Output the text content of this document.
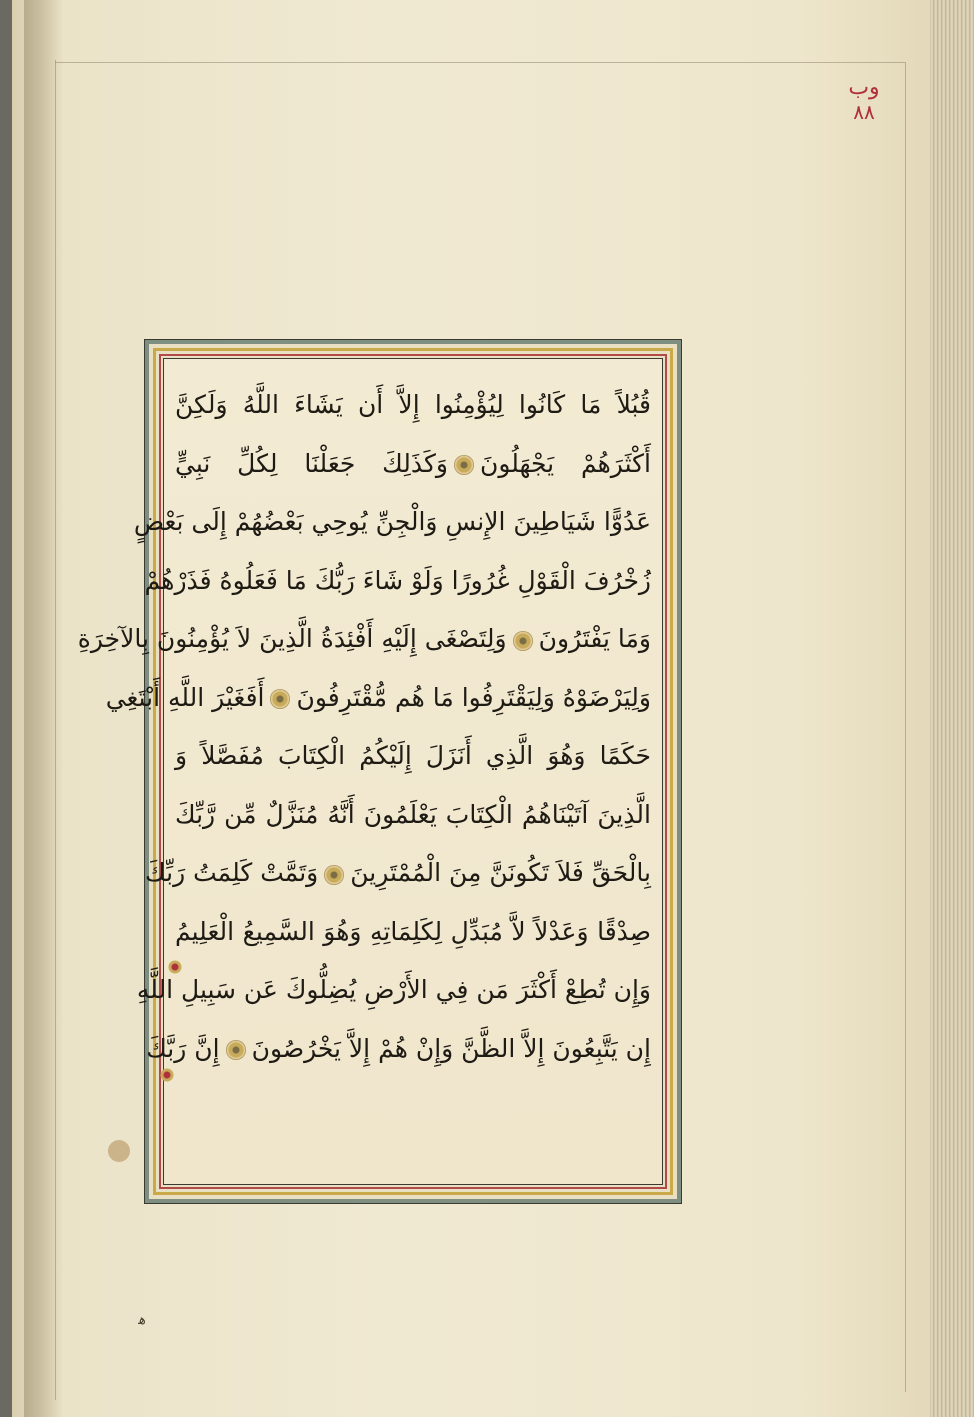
وب
٨٨
ﻫ
قُبُلاً مَا كَانُوا لِيُؤْمِنُوا إِلاَّ أَن يَشَاءَ اللَّهُ وَلَكِنَّ
أَكْثَرَهُمْ يَجْهَلُونَوَكَذَلِكَ جَعَلْنَا لِكُلِّ نَبِيٍّ
عَدُوًّا شَيَاطِينَ الإِنسِ وَالْجِنِّ يُوحِي بَعْضُهُمْ إِلَى بَعْضٍ
زُخْرُفَ الْقَوْلِ غُرُورًا وَلَوْ شَاءَ رَبُّكَ مَا فَعَلُوهُ فَذَرْهُمْ
وَمَا يَفْتَرُونَوَلِتَصْغَى إِلَيْهِ أَفْئِدَةُ الَّذِينَ لاَ يُؤْمِنُونَ بِالآخِرَةِ
وَلِيَرْضَوْهُ وَلِيَقْتَرِفُوا مَا هُم مُّقْتَرِفُونَأَفَغَيْرَ اللَّهِ أَبْتَغِي
حَكَمًا وَهُوَ الَّذِي أَنَزَلَ إِلَيْكُمُ الْكِتَابَ مُفَصَّلاً وَ
الَّذِينَ آتَيْنَاهُمُ الْكِتَابَ يَعْلَمُونَ أَنَّهُ مُنَزَّلٌ مِّن رَّبِّكَ
بِالْحَقِّ فَلاَ تَكُونَنَّ مِنَ الْمُمْتَرِينَوَتَمَّتْ كَلِمَتُ رَبِّكَ
صِدْقًا وَعَدْلاً لاَّ مُبَدِّلِ لِكَلِمَاتِهِ وَهُوَ السَّمِيعُ الْعَلِيمُ
وَإِن تُطِعْ أَكْثَرَ مَن فِي الأَرْضِ يُضِلُّوكَ عَن سَبِيلِ اللَّهِ
إِن يَتَّبِعُونَ إِلاَّ الظَّنَّ وَإِنْ هُمْ إِلاَّ يَخْرُصُونَإِنَّ رَبَّكَ
